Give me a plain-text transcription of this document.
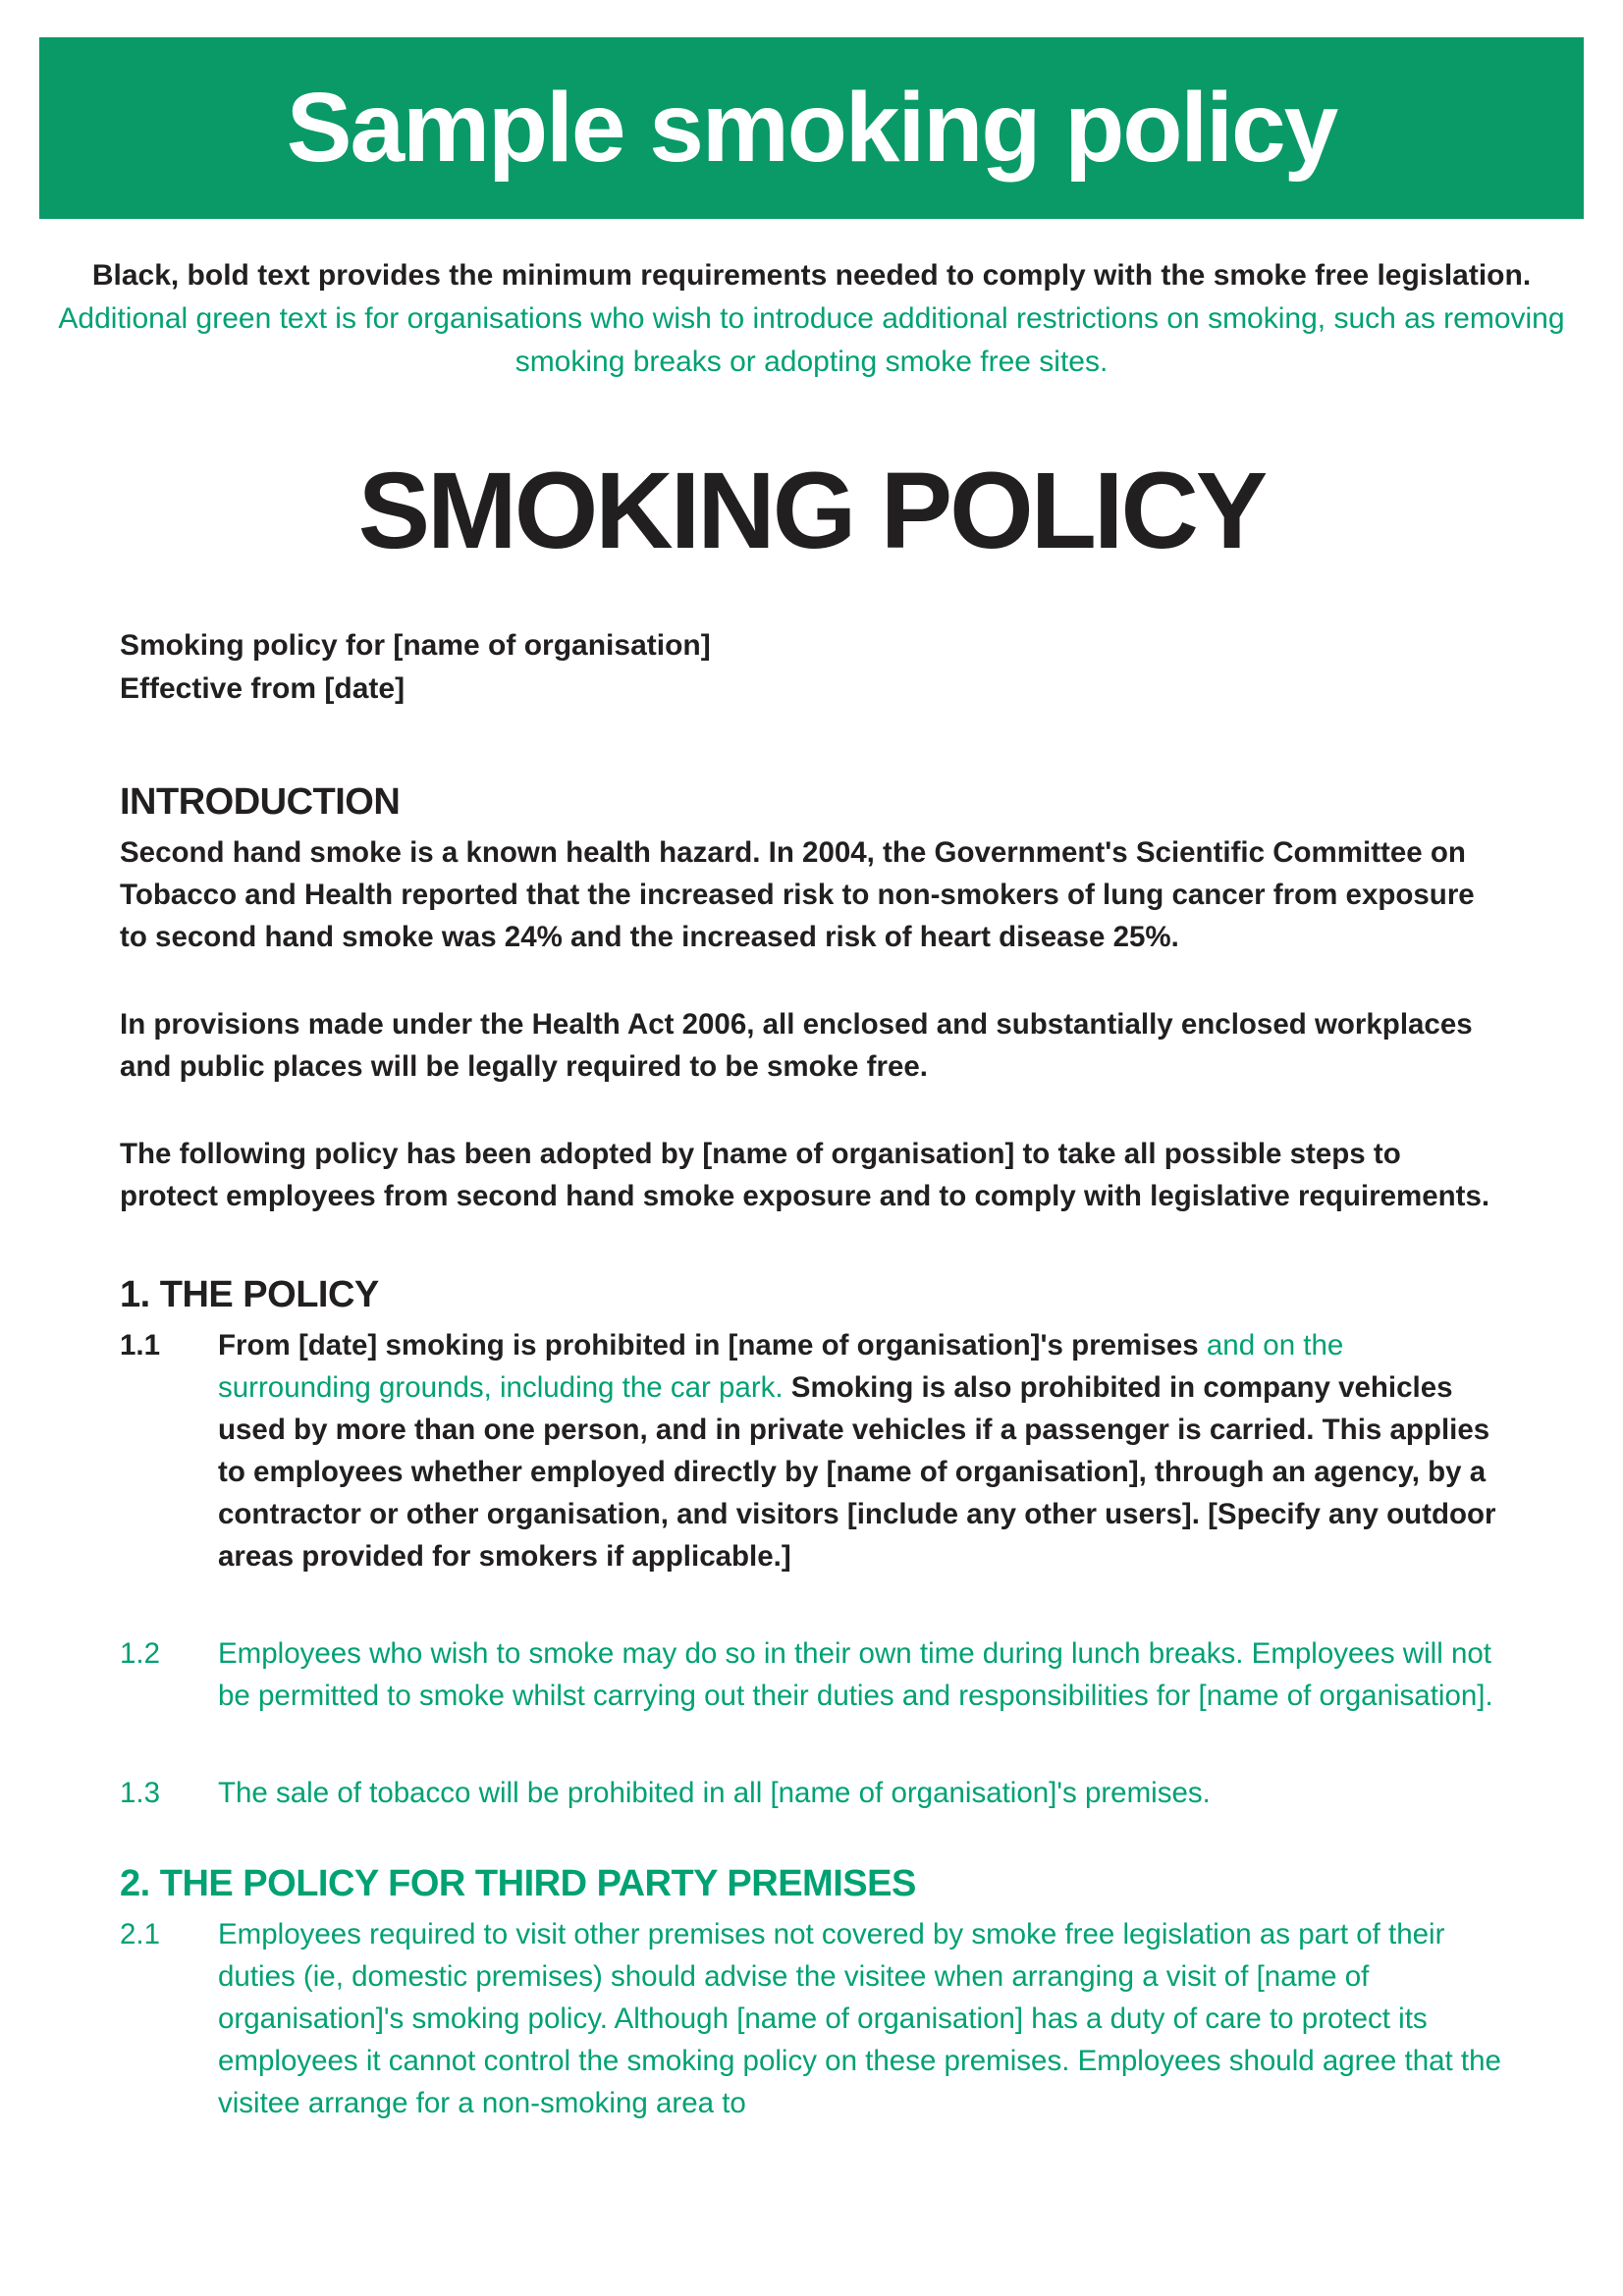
Sample smoking policy
Black, bold text provides the minimum requirements needed to comply with the smoke free legislation. Additional green text is for organisations who wish to introduce additional restrictions on smoking, such as removing smoking breaks or adopting smoke free sites.
SMOKING POLICY
Smoking policy for [name of organisation]
Effective from [date]
INTRODUCTION

Second hand smoke is a known health hazard. In 2004, the Government's Scientific Committee on Tobacco and Health reported that the increased risk to non-smokers of lung cancer from exposure to second hand smoke was 24% and the increased risk of heart disease 25%.

In provisions made under the Health Act 2006, all enclosed and substantially enclosed workplaces and public places will be legally required to be smoke free.

The following policy has been adopted by [name of organisation] to take all possible steps to protect employees from second hand smoke exposure and to comply with legislative requirements.

1. THE POLICY
1.1	From [date] smoking is prohibited in [name of organisation]'s premises and on the surrounding grounds, including the car park. Smoking is also prohibited in company vehicles used by more than one person, and in private vehicles if a passenger is carried. This applies to employees whether employed directly by [name of organisation], through an agency, by a contractor or other organisation, and visitors [include any other users]. [Specify any outdoor areas provided for smokers if applicable.]
1.2	Employees who wish to smoke may do so in their own time during lunch breaks. Employees will not be permitted to smoke whilst carrying out their duties and responsibilities for [name of organisation].
1.3	The sale of tobacco will be prohibited in all [name of organisation]'s premises.
2. THE POLICY FOR THIRD PARTY PREMISES
2.1	Employees required to visit other premises not covered by smoke free legislation as part of their duties (ie, domestic premises) should advise the visitee when arranging a visit of [name of organisation]'s smoking policy. Although [name of organisation] has a duty of care to protect its employees it cannot control the smoking policy on these premises. Employees should agree that the visitee arrange for a non-smoking area to
